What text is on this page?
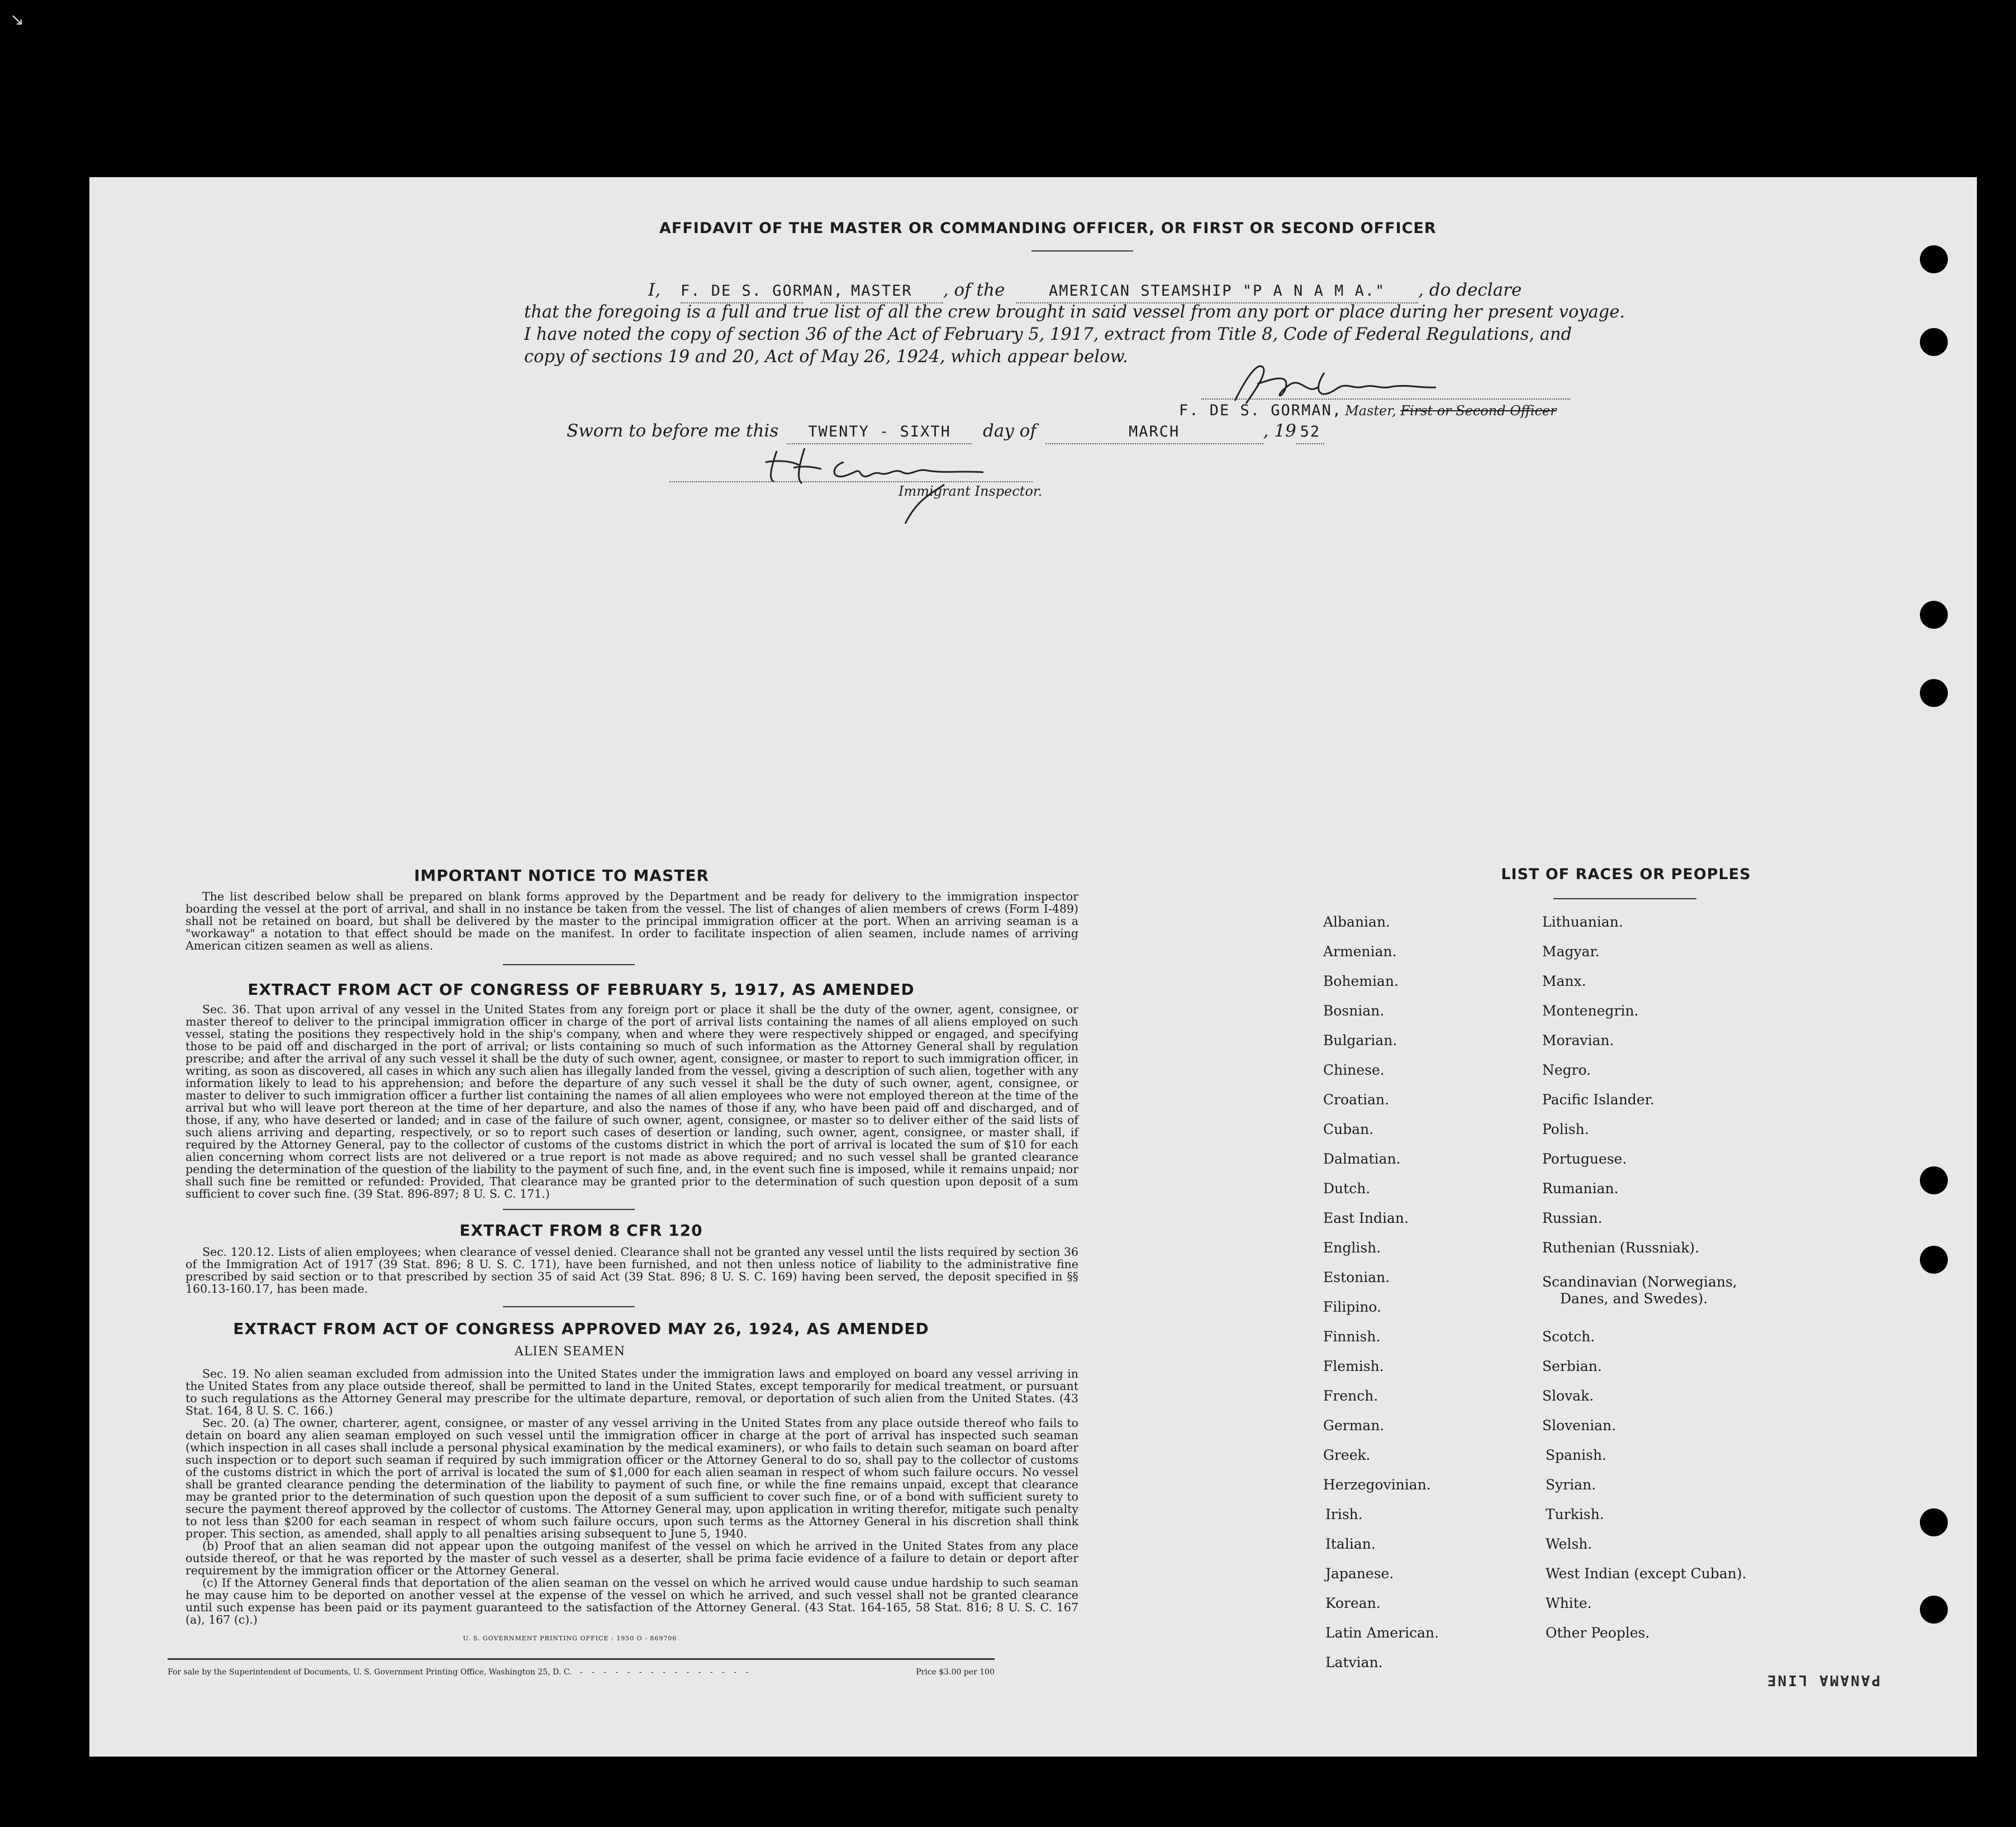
↘
AFFIDAVIT OF THE MASTER OR COMMANDING OFFICER, OR FIRST OR SECOND OFFICER
I, F. DE S. GORMAN, MASTER , of the	AMERICAN STEAMSHIP "P A N A M A." , do declare
that the foregoing is a full and true list of all the crew brought in said vessel from any port or place during her present voyage.
I have noted the copy of section 36 of the Act of February 5, 1917, extract from Title 8, Code of Federal Regulations, and
copy of sections 19 and 20, Act of May 26, 1924, which appear below.
F. DE S. GORMAN, Master, First or Second Officer
Sworn to before me this TWENTY - SIXTH day of	MARCH	, 19 52
Immigrant Inspector.
IMPORTANT NOTICE TO MASTER

The list described below shall be prepared on blank forms approved by the Department and be ready for delivery to the immigration inspector boarding the vessel at the port of arrival, and shall in no instance be taken from the vessel. The list of changes of alien members of crews (Form I-489) shall not be retained on board, but shall be delivered by the master to the principal immigration officer at the port. When an arriving seaman is a "workaway" a notation to that effect should be made on the manifest. In order to facilitate inspection of alien seamen, include names of arriving American citizen seamen as well as aliens.

EXTRACT FROM ACT OF CONGRESS OF FEBRUARY 5, 1917, AS AMENDED

Sec. 36. That upon arrival of any vessel in the United States from any foreign port or place it shall be the duty of the owner, agent, consignee, or master thereof to deliver to the principal immigration officer in charge of the port of arrival lists containing the names of all aliens employed on such vessel, stating the positions they respectively hold in the ship's company, when and where they were respectively shipped or engaged, and specifying those to be paid off and discharged in the port of arrival; or lists containing so much of such information as the Attorney General shall by regulation prescribe; and after the arrival of any such vessel it shall be the duty of such owner, agent, consignee, or master to report to such immigration officer, in writing, as soon as discovered, all cases in which any such alien has illegally landed from the vessel, giving a description of such alien, together with any information likely to lead to his apprehension; and before the departure of any such vessel it shall be the duty of such owner, agent, consignee, or master to deliver to such immigration officer a further list containing the names of all alien employees who were not employed thereon at the time of the arrival but who will leave port thereon at the time of her departure, and also the names of those if any, who have been paid off and discharged, and of those, if any, who have deserted or landed; and in case of the failure of such owner, agent, consignee, or master so to deliver either of the said lists of such aliens arriving and departing, respectively, or so to report such cases of desertion or landing, such owner, agent, consignee, or master shall, if required by the Attorney General, pay to the collector of customs of the customs district in which the port of arrival is located the sum of $10 for each alien concerning whom correct lists are not delivered or a true report is not made as above required; and no such vessel shall be granted clearance pending the determination of the question of the liability to the payment of such fine, and, in the event such fine is imposed, while it remains unpaid; nor shall such fine be remitted or refunded: Provided, That clearance may be granted prior to the determination of such question upon deposit of a sum sufficient to cover such fine. (39 Stat. 896-897; 8 U. S. C. 171.)

EXTRACT FROM 8 CFR 120

Sec. 120.12. Lists of alien employees; when clearance of vessel denied. Clearance shall not be granted any vessel until the lists required by section 36 of the Immigration Act of 1917 (39 Stat. 896; 8 U. S. C. 171), have been furnished, and not then unless notice of liability to the administrative fine prescribed by said section or to that prescribed by section 35 of said Act (39 Stat. 896; 8 U. S. C. 169) having been served, the deposit specified in §§ 160.13-160.17, has been made.

EXTRACT FROM ACT OF CONGRESS APPROVED MAY 26, 1924, AS AMENDED
ALIEN SEAMEN

Sec. 19. No alien seaman excluded from admission into the United States under the immigration laws and employed on board any vessel arriving in the United States from any place outside thereof, shall be permitted to land in the United States, except temporarily for medical treatment, or pursuant to such regulations as the Attorney General may prescribe for the ultimate departure, removal, or deportation of such alien from the United States. (43 Stat. 164, 8 U. S. C. 166.)

Sec. 20. (a) The owner, charterer, agent, consignee, or master of any vessel arriving in the United States from any place outside thereof who fails to detain on board any alien seaman employed on such vessel until the immigration officer in charge at the port of arrival has inspected such seaman (which inspection in all cases shall include a personal physical examination by the medical examiners), or who fails to detain such seaman on board after such inspection or to deport such seaman if required by such immigration officer or the Attorney General to do so, shall pay to the collector of customs of the customs district in which the port of arrival is located the sum of $1,000 for each alien seaman in respect of whom such failure occurs. No vessel shall be granted clearance pending the determination of the liability to payment of such fine, or while the fine remains unpaid, except that clearance may be granted prior to the determination of such question upon the deposit of a sum sufficient to cover such fine, or of a bond with sufficient surety to secure the payment thereof approved by the collector of customs. The Attorney General may, upon application in writing therefor, mitigate such penalty to not less than $200 for each seaman in respect of whom such failure occurs, upon such terms as the Attorney General in his discretion shall think proper. This section, as amended, shall apply to all penalties arising subsequent to June 5, 1940.

(b) Proof that an alien seaman did not appear upon the outgoing manifest of the vessel on which he arrived in the United States from any place outside thereof, or that he was reported by the master of such vessel as a deserter, shall be prima facie evidence of a failure to detain or deport after requirement by the immigration officer or the Attorney General.

(c) If the Attorney General finds that deportation of the alien seaman on the vessel on which he arrived would cause undue hardship to such seaman he may cause him to be deported on another vessel at the expense of the vessel on which he arrived, and such vessel shall not be granted clearance until such expense has been paid or its payment guaranteed to the satisfaction of the Attorney General. (43 Stat. 164-165, 58 Stat. 816; 8 U. S. C. 167 (a), 167 (c).)

U. S. GOVERNMENT PRINTING OFFICE : 1950 O - 869706
For sale by the Superintendent of Documents, U. S. Government Printing Office, Washington 25, D. C. - - - - - - - - - - - - - - -	Price $3.00 per 100	PANAMA LINE
LIST OF RACES OR PEOPLES
Albanian.
Armenian.
Bohemian.
Bosnian.
Bulgarian.
Chinese.
Croatian.
Cuban.
Dalmatian.
Dutch.
East Indian.
English.
Estonian.
Filipino.
Finnish.
Flemish.
French.
German.
Greek.
Herzegovinian.
Irish.
Italian.
Japanese.
Korean.
Latin American.
Latvian.
Lithuanian.
Magyar.
Manx.
Montenegrin.
Moravian.
Negro.
Pacific Islander.
Polish.
Portuguese.
Rumanian.
Russian.
Ruthenian (Russniak).
Scandinavian (Norwegians,
Danes, and Swedes).
Scotch.
Serbian.
Slovak.
Slovenian.
Spanish.
Syrian.
Turkish.
Welsh.
West Indian (except Cuban).
White.
Other Peoples.
